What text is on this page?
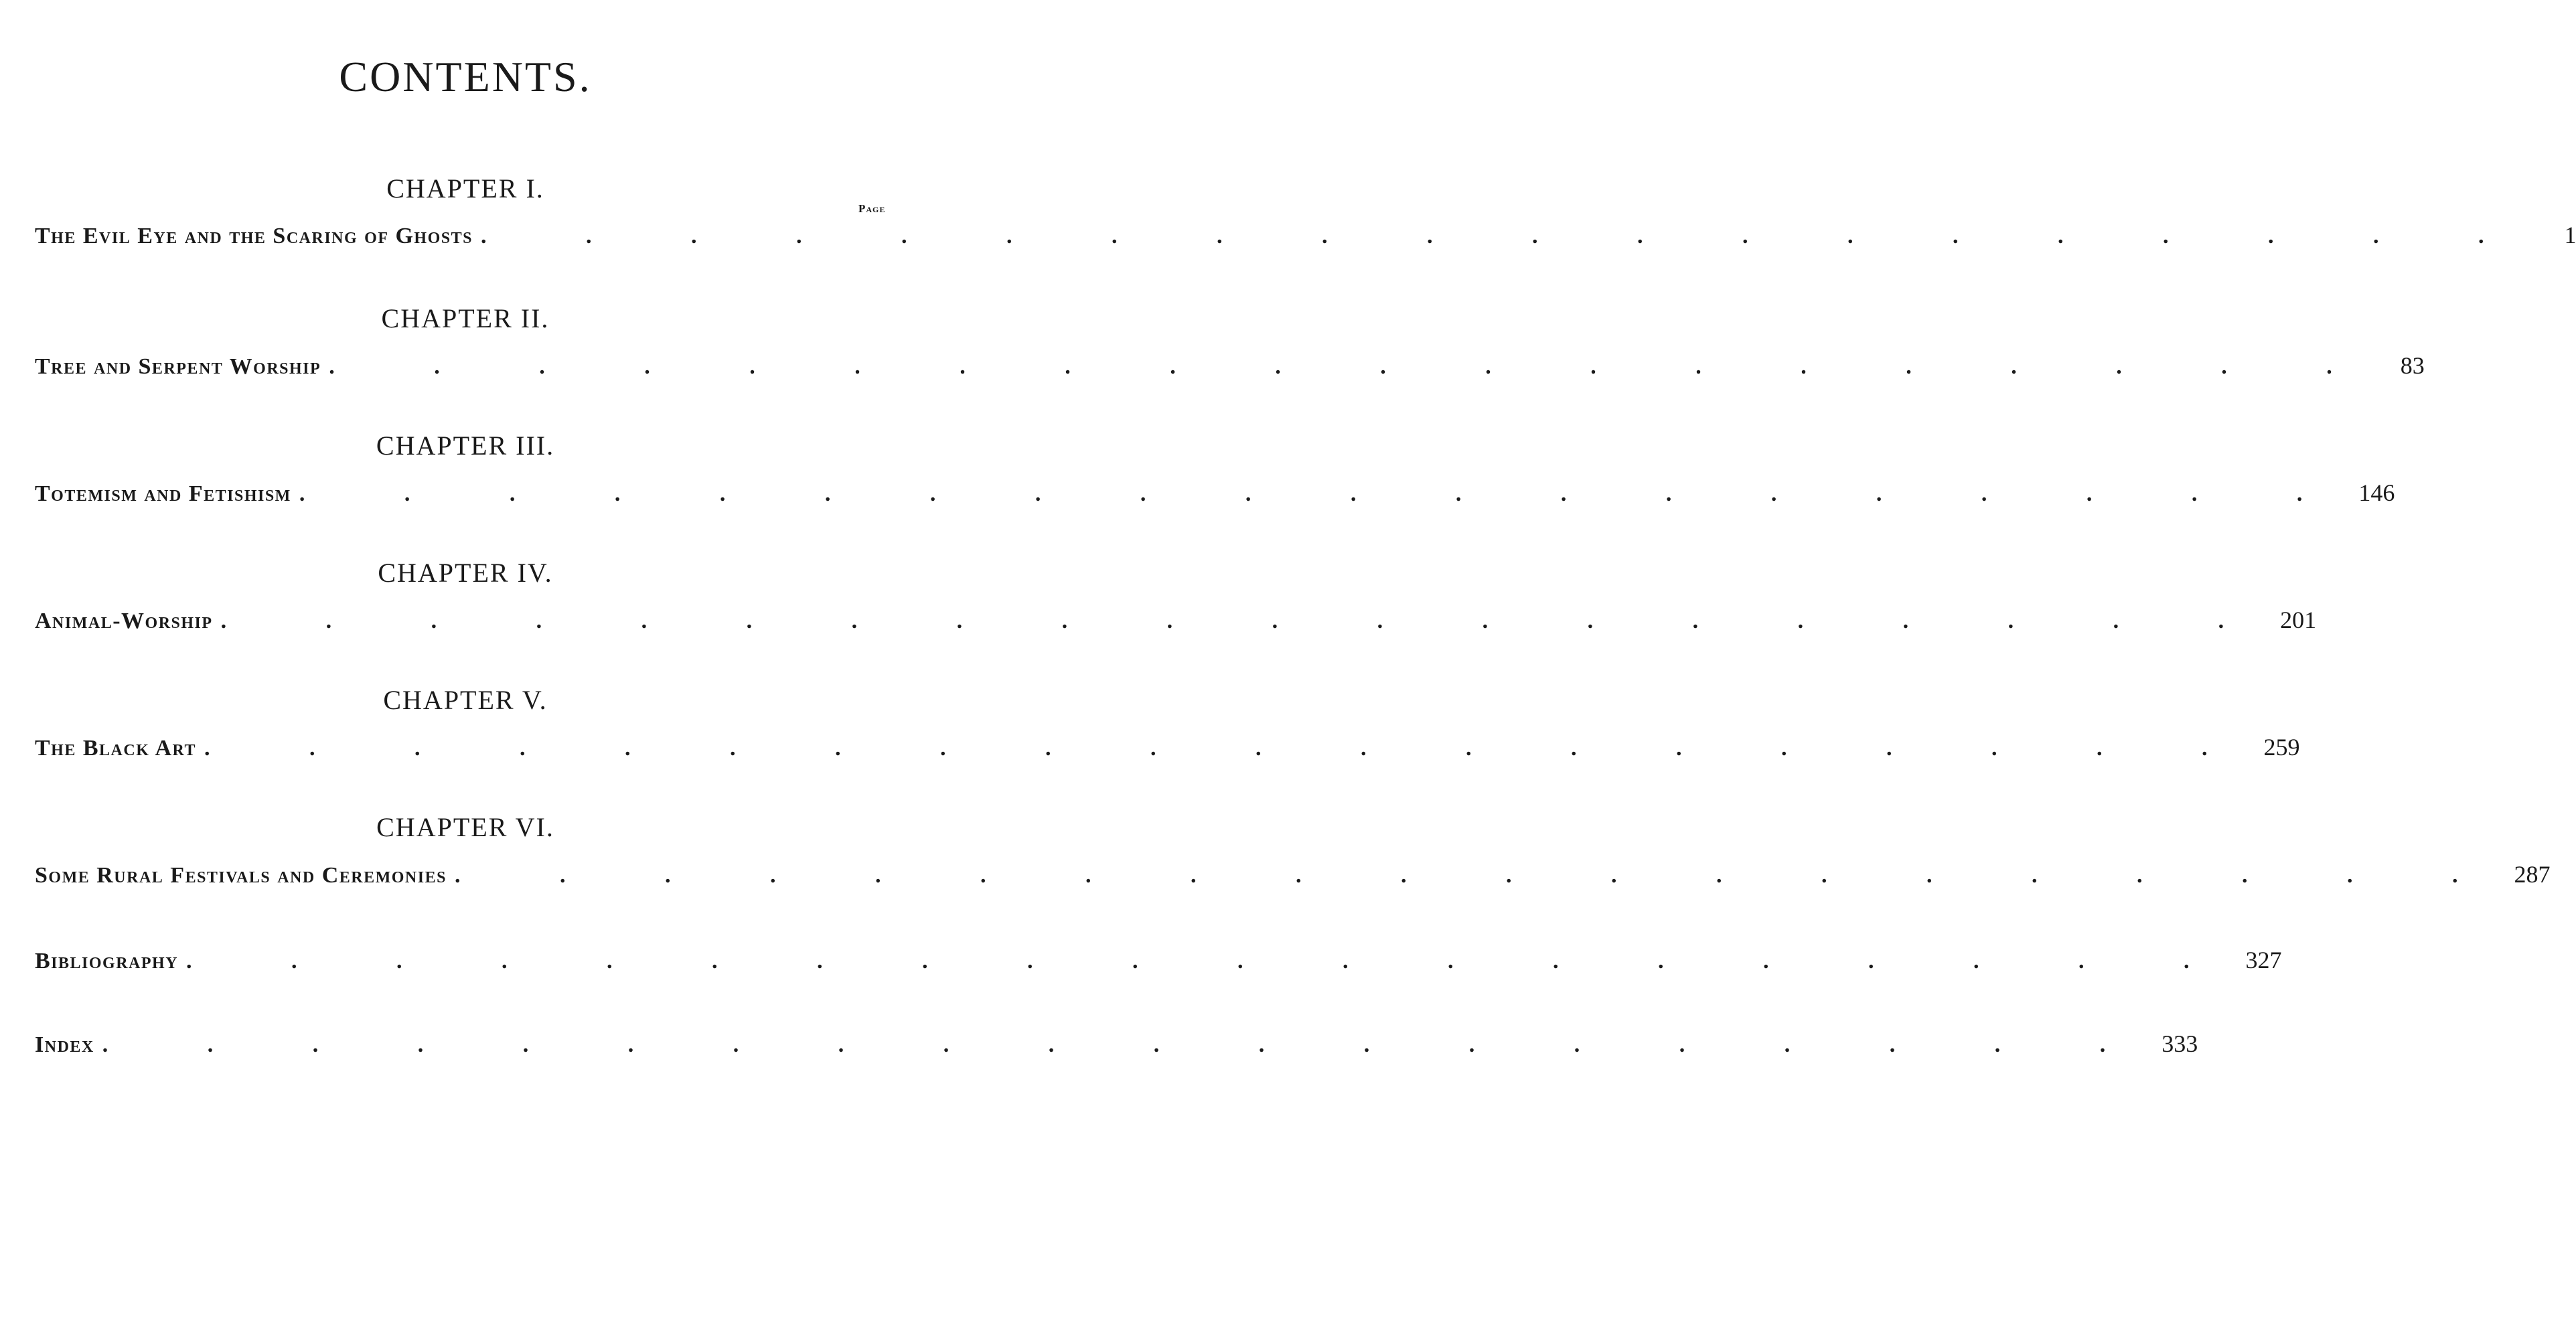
CONTENTS.
Page
CHAPTER I.
The Evil Eye and the Scaring of Ghosts . . . . . . . . . . . . . . . . . . . .	1
CHAPTER II.
Tree and Serpent Worship . . . . . . . . . . . . . . . . . . . . 83
CHAPTER III.
Totemism and Fetishism . . . . . . . . . . . . . . . . . . . . 146
CHAPTER IV.
Animal-Worship . . . . . . . . . . . . . . . . . . . . 201
CHAPTER V.
The Black Art . . . . . . . . . . . . . . . . . . . . 259
CHAPTER VI.
Some Rural Festivals and Ceremonies . . . . . . . . . . . . . . . . . . . . 287
Bibliography . . . . . . . . . . . . . . . . . . . . 327
Index . . . . . . . . . . . . . . . . . . . . 333
